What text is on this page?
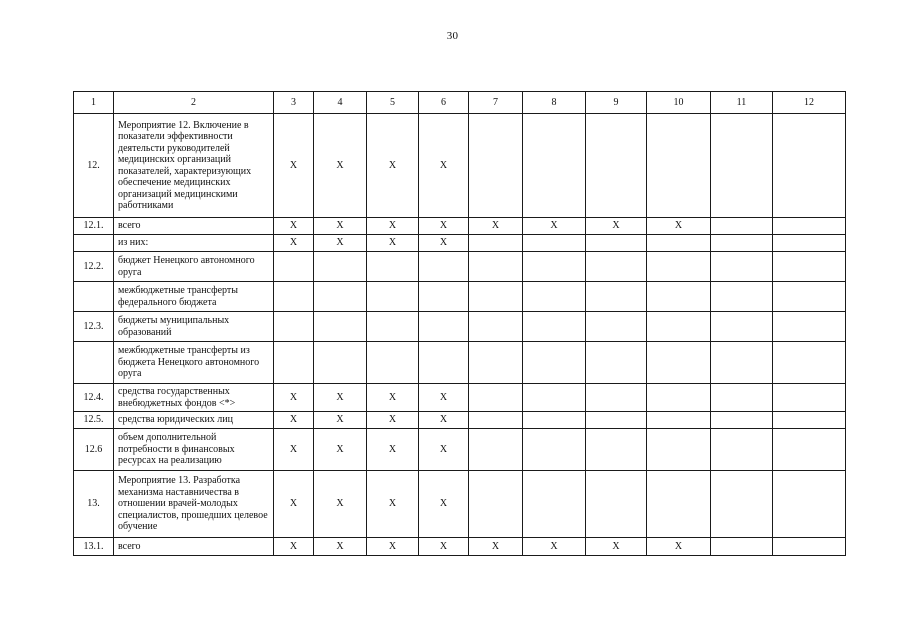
30
1	2	3	4	5	6	7	8	9	10	11	12
12.	Мероприятие 12. Включение в показатели эффективности деятельсти руководителей медицинских организаций показателей, характеризующих обеспечение медицинских организаций медицинскими работниками	X	X	X	X						
12.1.	всего	X	X	X	X	X	X	X	X		
	из них:	X	X	X	X						
12.2.	бюджет Ненецкого автономного оруга										
	межбюджетные трансферты федерального бюджета										
12.3.	бюджеты муниципальных образований										
	межбюджетные трансферты из бюджета Ненецкого автономного оруга										
12.4.	средства государственных внебюджетных фондов <*>	X	X	X	X						
12.5.	средства юридических лиц	X	X	X	X						
12.6	объем дополнительной потребности в финансовых ресурсах на реализацию	X	X	X	X						
13.	Мероприятие 13. Разработка механизма наставничества в отношении врачей-молодых специалистов, прошедших целевое обучение	X	X	X	X						
13.1.	всего	X	X	X	X	X	X	X	X		
